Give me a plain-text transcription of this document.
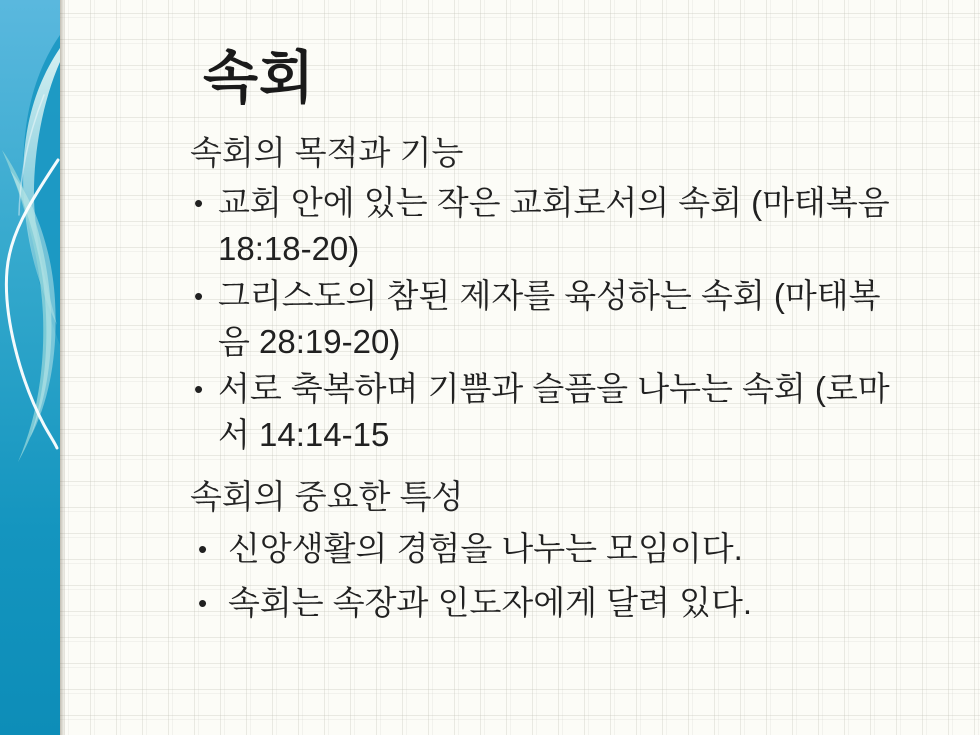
속회
속회의 목적과 기능
• 교회 안에 있는 작은 교회로서의 속회 (마태복음 18:18-20)
• 그리스도의 참된 제자를 육성하는 속회 (마태복음 28:19-20)
• 서로 축복하며 기쁨과 슬픔을 나누는 속회 (로마서 14:14-15
속회의 중요한 특성
• 신앙생활의 경험을 나누는 모임이다.
• 속회는 속장과 인도자에게 달려 있다.
